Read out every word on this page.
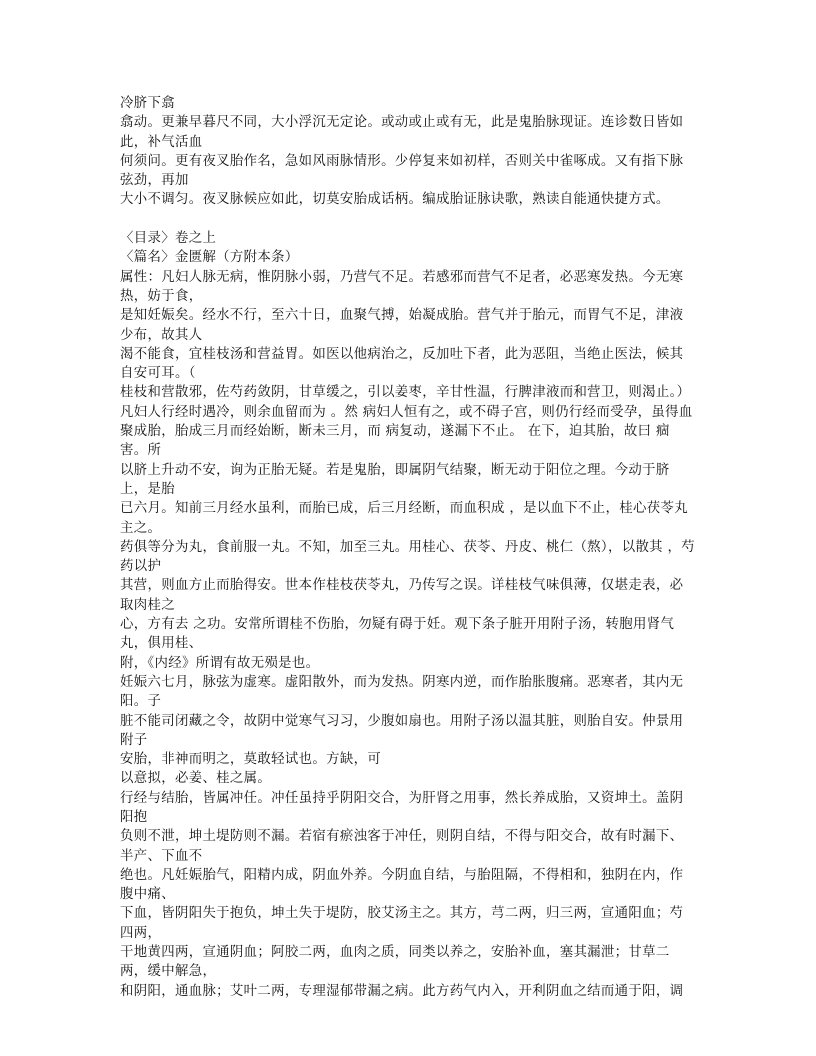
冷脐下翕
翕动。更兼早暮尺不同，大小浮沉无定论。或动或止或有无，此是鬼胎脉现证。连诊数日皆如此，补气活血
何须问。更有夜叉胎作名，急如风雨脉情形。少停复来如初样，否则关中雀啄成。又有指下脉弦劲，再加
大小不调匀。夜叉脉候应如此，切莫安胎成话柄。编成胎证脉诀歌，熟读自能通快捷方式。
〈目录〉卷之上
〈篇名〉金匮解（方附本条）
属性：凡妇人脉无病，惟阴脉小弱，乃营气不足。若感邪而营气不足者，必恶寒发热。今无寒热，妨于食，
是知妊娠矣。经水不行，至六十日，血聚气搏，始凝成胎。营气并于胎元，而胃气不足，津液少布，故其人
渴不能食，宜桂枝汤和营益胃。如医以他病治之，反加吐下者，此为恶阻，当绝止医法，候其自安可耳。（
桂枝和营散邪，佐芍药敛阴，甘草缓之，引以姜枣，辛甘性温，行脾津液而和营卫，则渴止。）
凡妇人行经时遇冷，则余血留而为 。然 病妇人恒有之，或不碍子宫，则仍行经而受孕，虽得血聚成胎，胎成三月而经始断，断未三月，而 病复动，遂漏下不止。 在下，迫其胎，故曰 痼害。所
以脐上升动不安，询为正胎无疑。若是鬼胎，即属阴气结聚，断无动于阳位之理。今动于脐上，是胎
已六月。知前三月经水虽利，而胎已成，后三月经断，而血积成 ，是以血下不止，桂心茯苓丸主之。
药俱等分为丸，食前服一丸。不知，加至三丸。用桂心、茯苓、丹皮、桃仁（熬），以散其 ，芍药以护
其营，则血方止而胎得安。世本作桂枝茯苓丸，乃传写之误。详桂枝气味俱薄，仅堪走表，必取肉桂之
心，方有去 之功。安常所谓桂不伤胎，勿疑有碍于妊。观下条子脏开用附子汤，转胞用肾气丸，俱用桂、
附，《内经》所谓有故无殒是也。
妊娠六七月，脉弦为虚寒。虚阳散外，而为发热。阴寒内逆，而作胎胀腹痛。恶寒者，其内无阳。子
脏不能司闭藏之令，故阴中觉寒气习习，少腹如扇也。用附子汤以温其脏，则胎自安。仲景用附子
安胎，非神而明之，莫敢轻试也。方缺，可
以意拟，必姜、桂之属。
行经与结胎，皆属冲任。冲任虽持乎阴阳交合，为肝肾之用事，然长养成胎，又资坤土。盖阴阳抱
负则不泄，坤土堤防则不漏。若宿有瘀浊客于冲任，则阴自结，不得与阳交合，故有时漏下、半产、下血不
绝也。凡妊娠胎气，阳精内成，阴血外养。今阴血自结，与胎阻隔，不得相和，独阴在内，作腹中痛、
下血，皆阴阳失于抱负，坤土失于堤防，胶艾汤主之。其方，芎二两，归三两，宣通阳血；芍四两，
干地黄四两，宣通阴血；阿胶二两，血肉之质，同类以养之，安胎补血，塞其漏泄；甘草二两，缓中解急，
和阴阳，通血脉；艾叶二两，专理湿郁带漏之病。此方药气内入，开利阴血之结而通于阳，调
